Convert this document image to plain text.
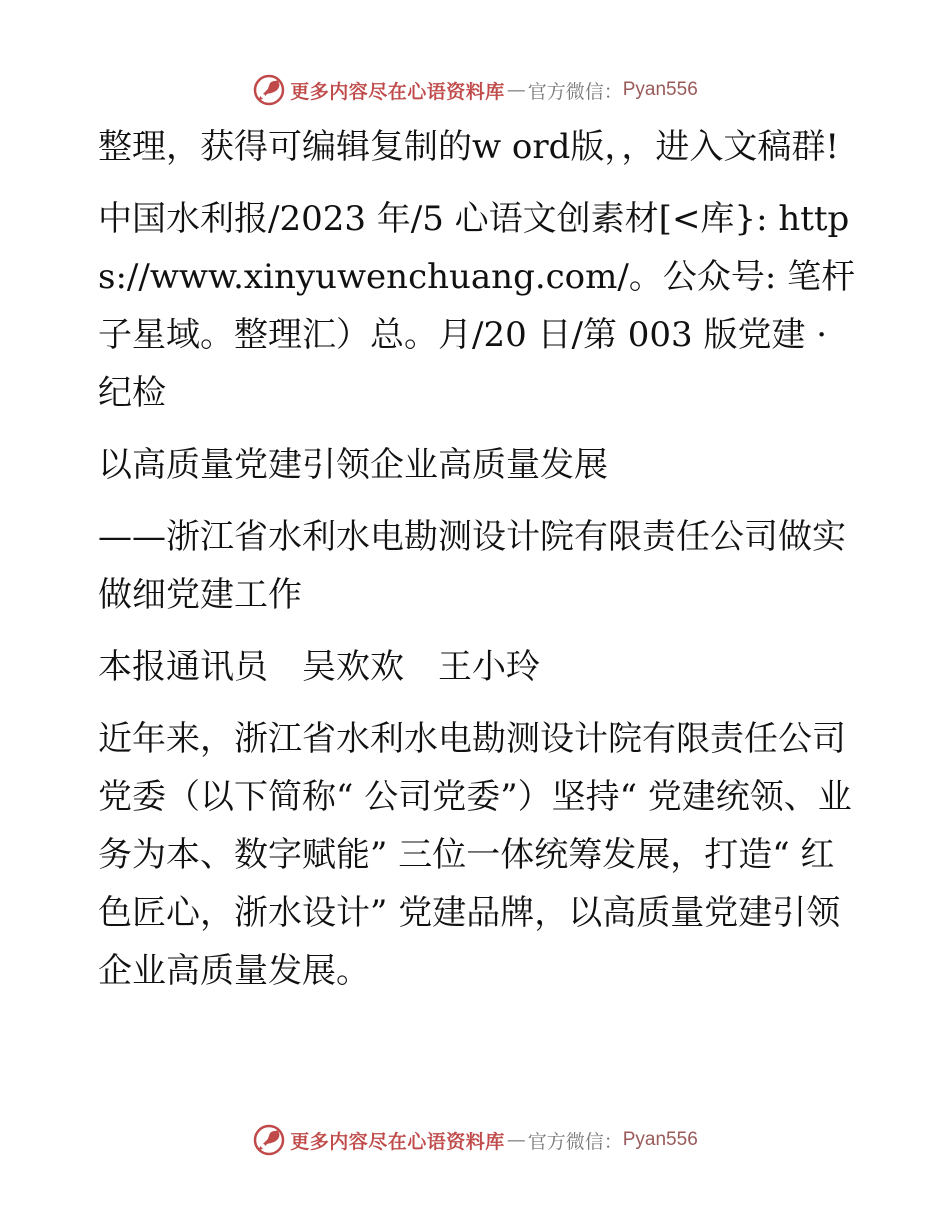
更多内容尽在心语资料库 — 官方微信： Pyan556

整理，获得可编辑复制的w ord版，，进入文稿群!

中国水利报/2023 年/5 心语文创素材[<库}: https://www.xinyuwenchuang.com/。公众号: 笔杆子星域。整理汇）总。月/20 日/第 003 版党建 · 纪检

以高质量党建引领企业高质量发展

——浙江省水利水电勘测设计院有限责任公司做实做细党建工作

本报通讯员　吴欢欢　王小玲

近年来，浙江省水利水电勘测设计院有限责任公司党委（以下简称“ 公司党委”）坚持“ 党建统领、业务为本、数字赋能” 三位一体统筹发展，打造“ 红色匠心，浙水设计” 党建品牌，以高质量党建引领企业高质量发展。

更多内容尽在心语资料库 — 官方微信： Pyan556
